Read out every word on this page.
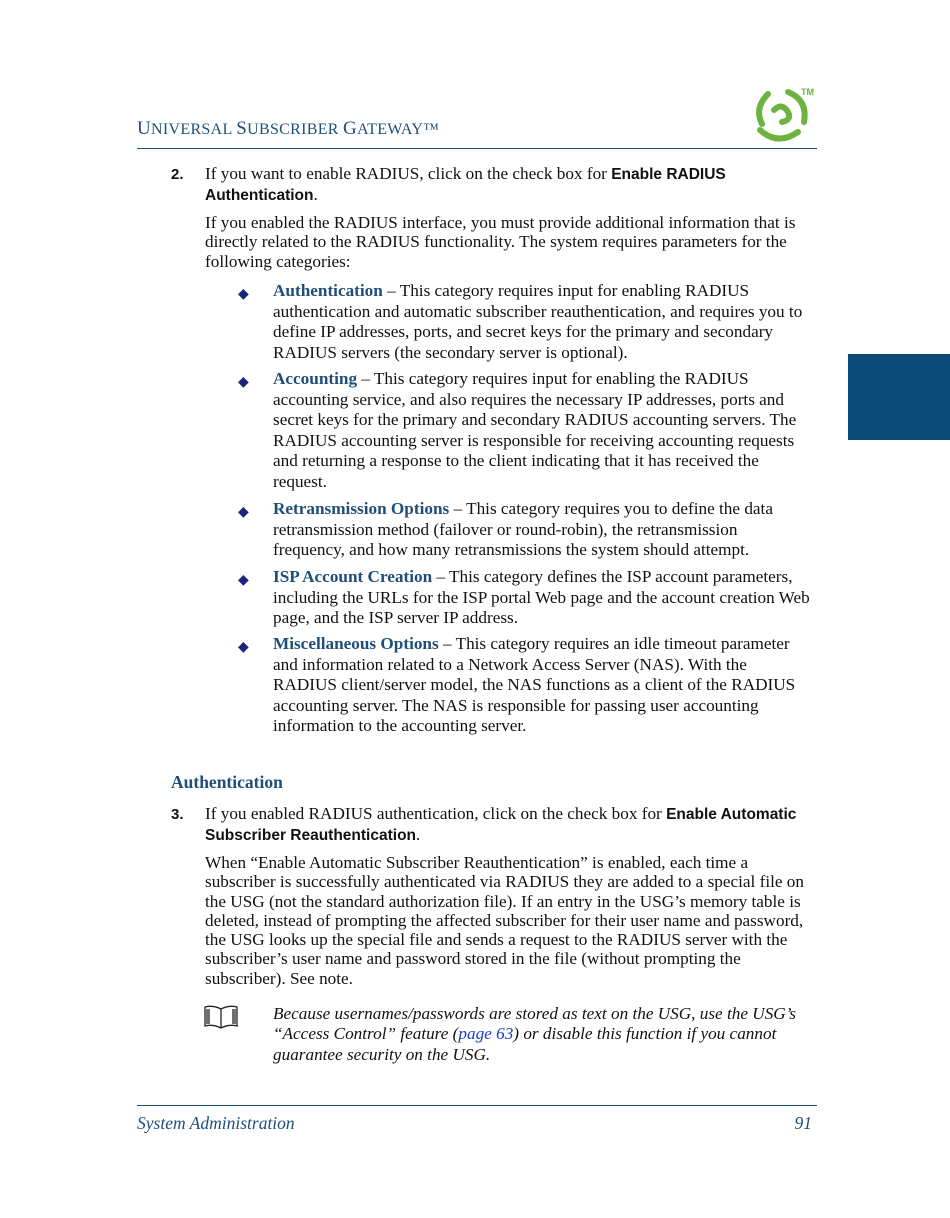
UNIVERSAL SUBSCRIBER GATEWAY™
TM
2. If you want to enable RADIUS, click on the check box for Enable RADIUS Authentication.
If you enabled the RADIUS interface, you must provide additional information that is directly related to the RADIUS functionality. The system requires parameters for the following categories:
◆ Authentication – This category requires input for enabling RADIUS authentication and automatic subscriber reauthentication, and requires you to define IP addresses, ports, and secret keys for the primary and secondary RADIUS servers (the secondary server is optional).
◆ Accounting – This category requires input for enabling the RADIUS accounting service, and also requires the necessary IP addresses, ports and secret keys for the primary and secondary RADIUS accounting servers. The RADIUS accounting server is responsible for receiving accounting requests and returning a response to the client indicating that it has received the request.
◆ Retransmission Options – This category requires you to define the data retransmission method (failover or round-robin), the retransmission frequency, and how many retransmissions the system should attempt.
◆ ISP Account Creation – This category defines the ISP account parameters, including the URLs for the ISP portal Web page and the account creation Web page, and the ISP server IP address.
◆ Miscellaneous Options – This category requires an idle timeout parameter and information related to a Network Access Server (NAS). With the RADIUS client/server model, the NAS functions as a client of the RADIUS accounting server. The NAS is responsible for passing user accounting information to the accounting server.
Authentication
3. If you enabled RADIUS authentication, click on the check box for Enable Automatic Subscriber Reauthentication.
When “Enable Automatic Subscriber Reauthentication” is enabled, each time a subscriber is successfully authenticated via RADIUS they are added to a special file on the USG (not the standard authorization file). If an entry in the USG’s memory table is deleted, instead of prompting the affected subscriber for their user name and password, the USG looks up the special file and sends a request to the RADIUS server with the subscriber’s user name and password stored in the file (without prompting the subscriber). See note.
Because usernames/passwords are stored as text on the USG, use the USG’s “Access Control” feature (page 63) or disable this function if you cannot guarantee security on the USG.
System Administration	91
